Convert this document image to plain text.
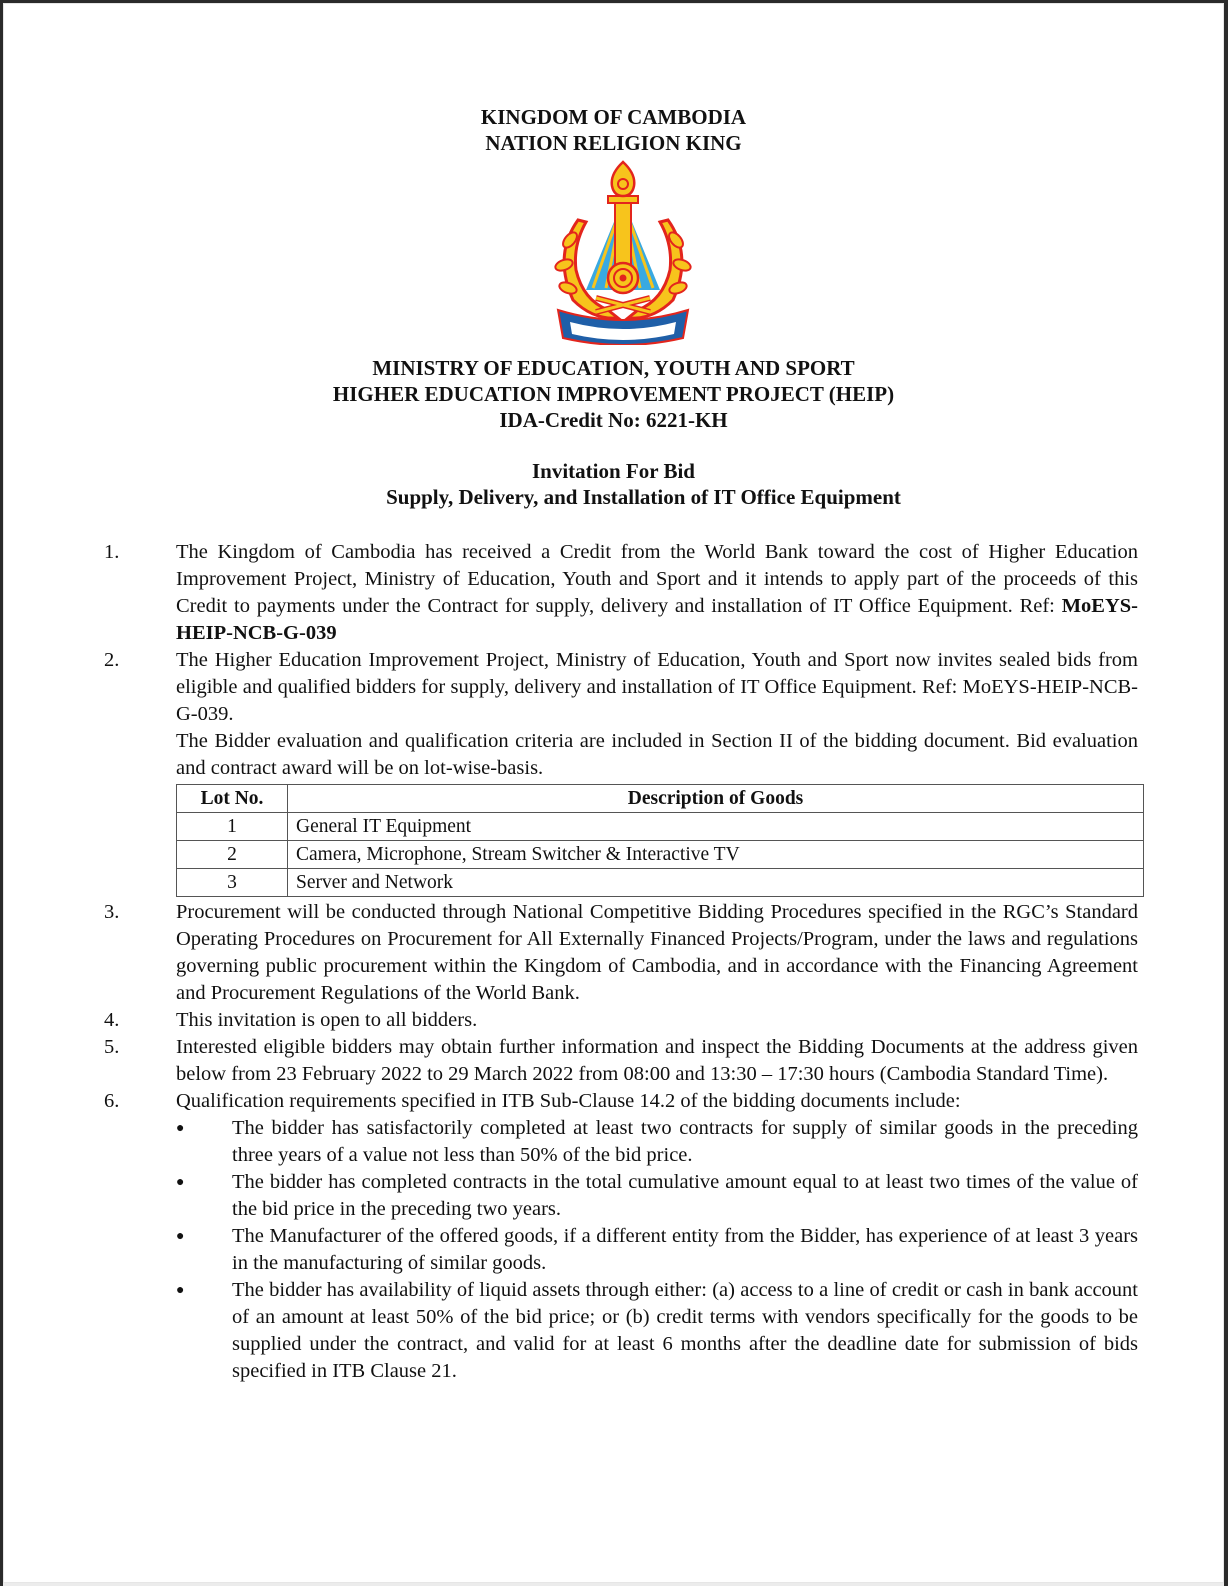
KINGDOM OF CAMBODIA
NATION RELIGION KING
MINISTRY OF EDUCATION, YOUTH AND SPORT
HIGHER EDUCATION IMPROVEMENT PROJECT (HEIP)
IDA-Credit No: 6221-KH
Invitation For Bid
Supply, Delivery, and Installation of IT Office Equipment
1.	The Kingdom of Cambodia has received a Credit from the World Bank toward the cost of Higher Education Improvement Project, Ministry of Education, Youth and Sport and it intends to apply part of the proceeds of this Credit to payments under the Contract for supply, delivery and installation of IT Office Equipment. Ref: MoEYS-HEIP-NCB-G-039
2.	The Higher Education Improvement Project, Ministry of Education, Youth and Sport now invites sealed bids from eligible and qualified bidders for supply, delivery and installation of IT Office Equipment. Ref: MoEYS-HEIP-NCB-G-039.
The Bidder evaluation and qualification criteria are included in Section II of the bidding document. Bid evaluation and contract award will be on lot-wise-basis.
Lot No.	Description of Goods
1	General IT Equipment
2	Camera, Microphone, Stream Switcher & Interactive TV
3	Server and Network
3.	Procurement will be conducted through National Competitive Bidding Procedures specified in the RGC’s Standard Operating Procedures on Procurement for All Externally Financed Projects/Program, under the laws and regulations governing public procurement within the Kingdom of Cambodia, and in accordance with the Financing Agreement and Procurement Regulations of the World Bank.
4.	This invitation is open to all bidders.
5.	Interested eligible bidders may obtain further information and inspect the Bidding Documents at the address given below from 23 February 2022 to 29 March 2022 from 08:00 and 13:30 – 17:30 hours (Cambodia Standard Time).
6.	Qualification requirements specified in ITB Sub-Clause 14.2 of the bidding documents include:
● The bidder has satisfactorily completed at least two contracts for supply of similar goods in the preceding three years of a value not less than 50% of the bid price.
● The bidder has completed contracts in the total cumulative amount equal to at least two times of the value of the bid price in the preceding two years.
● The Manufacturer of the offered goods, if a different entity from the Bidder, has experience of at least 3 years in the manufacturing of similar goods.
● The bidder has availability of liquid assets through either: (a) access to a line of credit or cash in bank account of an amount at least 50% of the bid price; or (b) credit terms with vendors specifically for the goods to be supplied under the contract, and valid for at least 6 months after the deadline date for submission of bids specified in ITB Clause 21.
